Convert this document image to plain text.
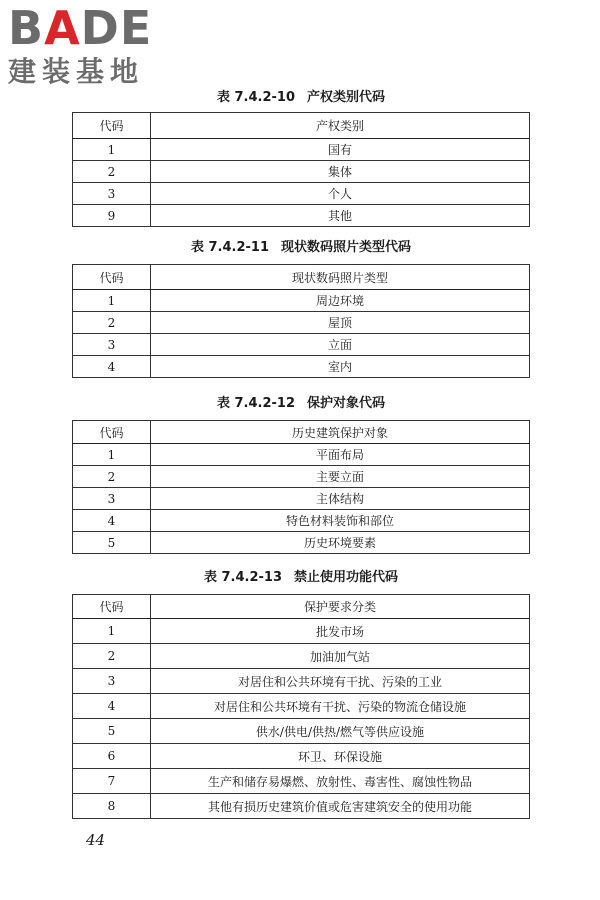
BADE
建装基地
表 7.4.2-10 产权类别代码
代码	产权类别
1	国有
2	集体
3	个人
9	其他
表 7.4.2-11 现状数码照片类型代码
代码	现状数码照片类型
1	周边环境
2	屋顶
3	立面
4	室内
表 7.4.2-12 保护对象代码
代码	历史建筑保护对象
1	平面布局
2	主要立面
3	主体结构
4	特色材料装饰和部位
5	历史环境要素
表 7.4.2-13 禁止使用功能代码
代码	保护要求分类
1	批发市场
2	加油加气站
3	对居住和公共环境有干扰、污染的工业
4	对居住和公共环境有干扰、污染的物流仓储设施
5	供水/供电/供热/燃气等供应设施
6	环卫、环保设施
7	生产和储存易爆燃、放射性、毒害性、腐蚀性物品
8	其他有损历史建筑价值或危害建筑安全的使用功能
44
